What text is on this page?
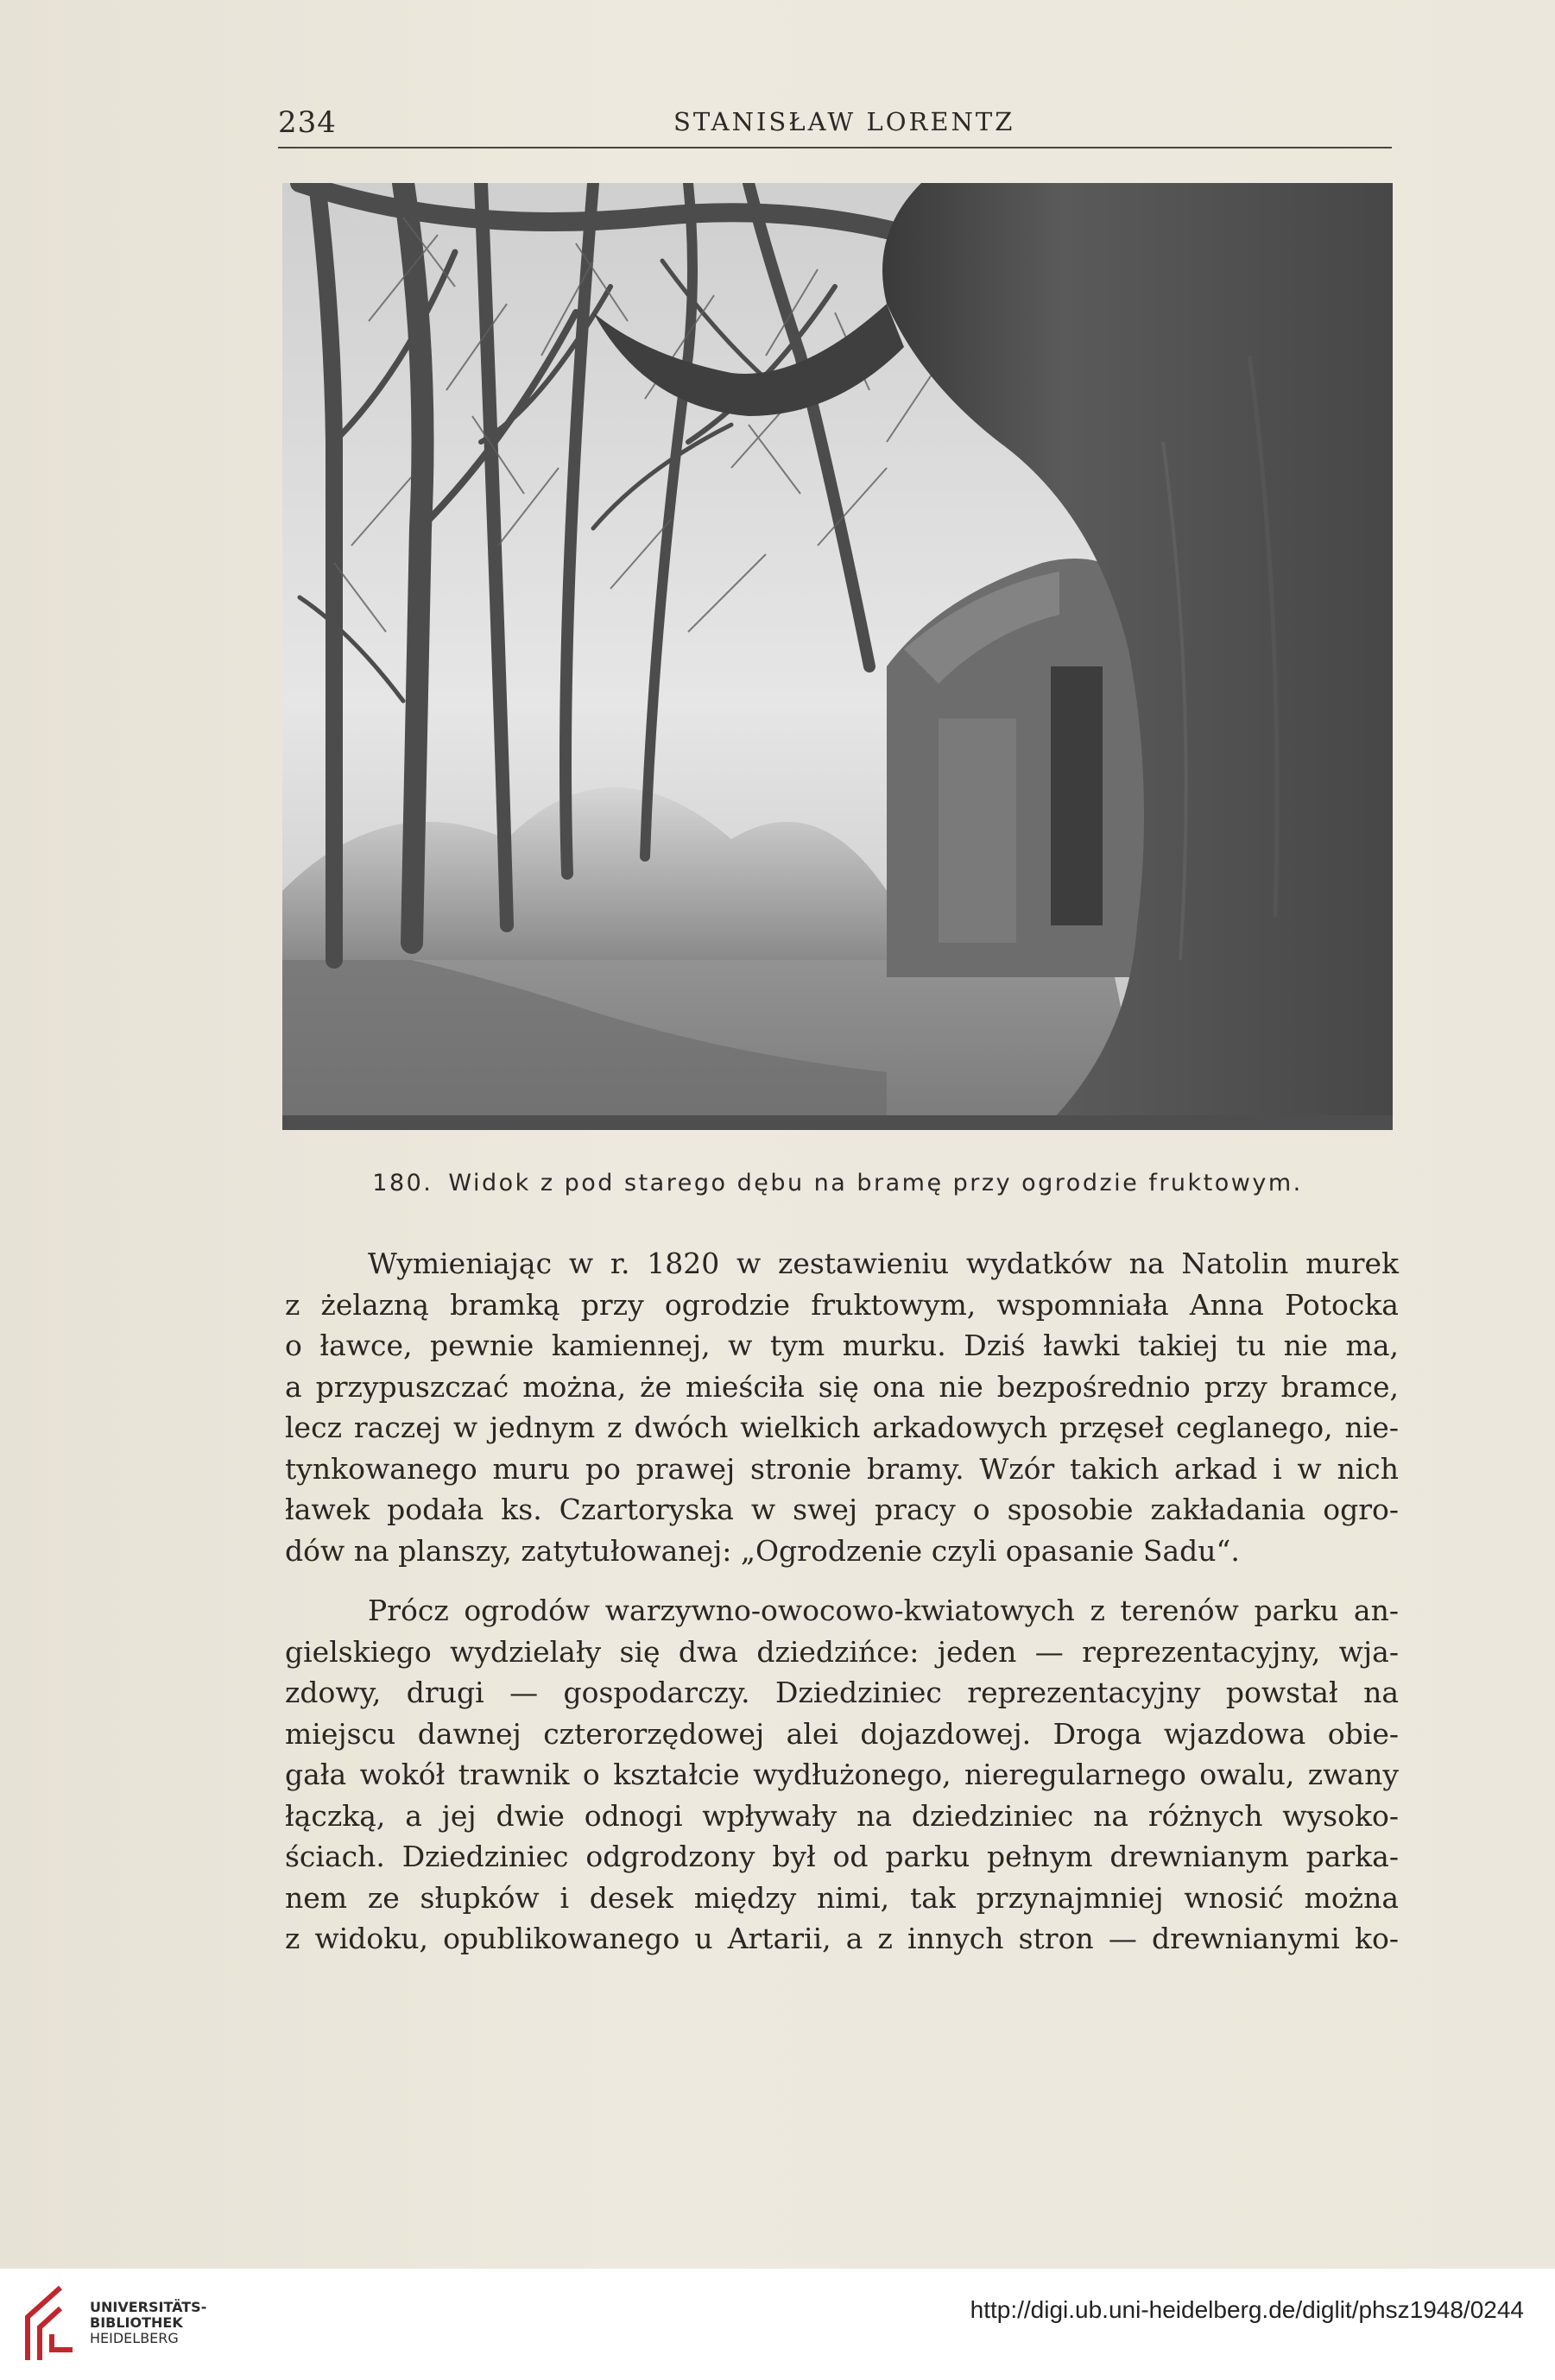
234	STANISŁAW LORENTZ
180. Widok z pod starego dębu na bramę przy ogrodzie fruktowym.
Wymieniając w r. 1820 w zestawieniu wydatków na Natolin murek
z żelazną bramką przy ogrodzie fruktowym, wspomniała Anna Potocka
o ławce, pewnie kamiennej, w tym murku. Dziś ławki takiej tu nie ma,
a przypuszczać można, że mieściła się ona nie bezpośrednio przy bramce,
lecz raczej w jednym z dwóch wielkich arkadowych przęseł ceglanego, nie-
tynkowanego muru po prawej stronie bramy. Wzór takich arkad i w nich
ławek podała ks. Czartoryska w swej pracy o sposobie zakładania ogro-
dów na planszy, zatytułowanej: „Ogrodzenie czyli opasanie Sadu“.
Prócz ogrodów warzywno-owocowo-kwiatowych z terenów parku an-
gielskiego wydzielały się dwa dziedzińce: jeden — reprezentacyjny, wja-
zdowy, drugi — gospodarczy. Dziedziniec reprezentacyjny powstał na
miejscu dawnej czterorzędowej alei dojazdowej. Droga wjazdowa obie-
gała wokół trawnik o kształcie wydłużonego, nieregularnego owalu, zwany
łączką, a jej dwie odnogi wpływały na dziedziniec na różnych wysoko-
ściach. Dziedziniec odgrodzony był od parku pełnym drewnianym parka-
nem ze słupków i desek między nimi, tak przynajmniej wnosić można
z widoku, opublikowanego u Artarii, a z innych stron — drewnianymi ko-
UNIVERSITÄTS-
BIBLIOTHEK
HEIDELBERG
http://digi.ub.uni-heidelberg.de/diglit/phsz1948/0244
